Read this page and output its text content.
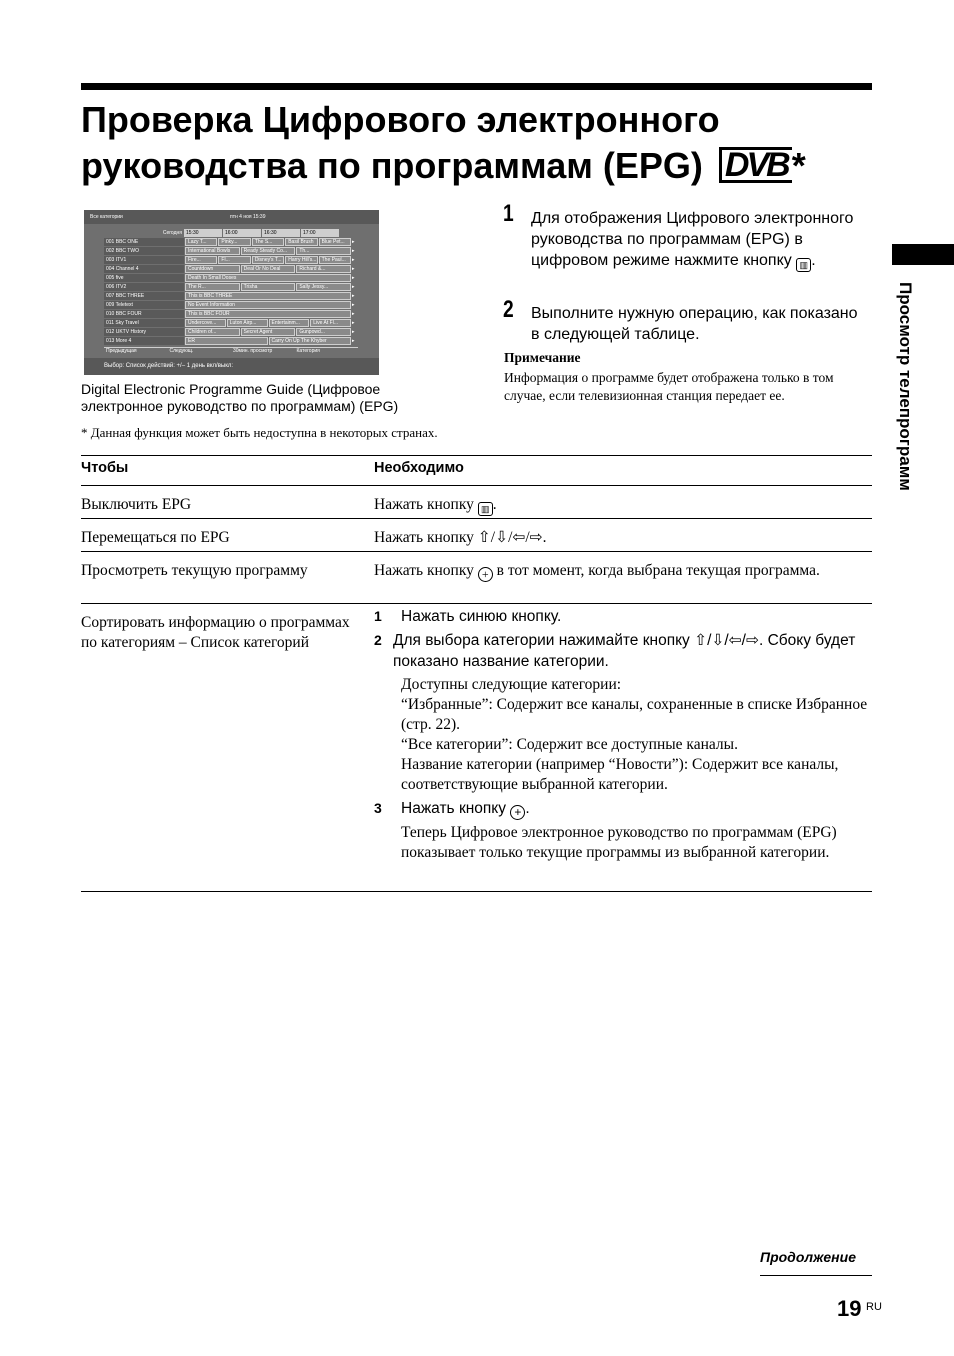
Проверка Цифрового электронного
руководства по программам (EPG) DVB *
Все категории	птн 4 ноя 15:39
Сегодня 15:30	16:00	16:30	17:00
001 BBC ONE	Lazy T...	Pinky...	The S...	Basil Brush	Blue Pet...	▸
002 BBC TWO	International Bowls	Ready Steady Co...	Th...	▸
003 ITV1	Fire...	Fl...	Disney's T...	Harry Hill's...	The Paul...	▸
004 Channel 4	Countdown	Deal Or No Deal	Richard &...	▸
005 five	Death In Small Doses	▸
006 ITV2	The R...	Trisha	Sally Jessy...	▸
007 BBC THREE	This is BBC THREE	▸
009 Teletext	No Event Information	▸
010 BBC FOUR	This is BBC FOUR	▸
011 Sky Travel	Undercove...	Luton Airp...	Entertainm...	Live At Fl...	▸
012 UKTV History	Children of...	Secret Agent	Gunpowd...	▸
013 More 4	ER	Carry On Up The Khyber	▸
Предыдущая	Следующ.	30мин. просмотр	Категория
Выбор: Список действий: +/– 1 день вкл/выкл:

Digital Electronic Programme Guide (Цифровое электронное руководство по программам) (EPG)

* Данная функция может быть недоступна в некоторых странах.

1 Для отображения Цифрового электронного руководства по программам (EPG) в цифровом режиме нажмите кнопку ▥ .

2 Выполните нужную операцию, как показано в следующей таблице.

Примечание

Информация о программе будет отображена только в том случае, если телевизионная станция передает ее.

Чтобы	Необходимо
Выключить EPG	Нажать кнопку ▥ .
Перемещаться по EPG	Нажать кнопку ⇧/⇩/⇦/⇨.
Просмотреть текущую программу	Нажать кнопку + в тот момент, когда выбрана текущая программа.
Сортировать информацию о программах по категориям – Список категорий
1	Нажать синюю кнопку.
2 Для выбора категории нажимайте кнопку ⇧/⇩/⇦/⇨. Сбоку будет показано название категории.
Доступны следующие категории:
“Избранные”: Содержит все каналы, сохраненные в списке Избранное (стр. 22).
“Все категории”: Содержит все доступные каналы.
Название категории (например “Новости”): Содержит все каналы, соответствующие выбранной категории.
3	Нажать кнопку + .
Теперь Цифровое электронное руководство по программам (EPG) показывает только текущие программы из выбранной категории.
Просмотр телепрограмм
Продолжение
19 RU
